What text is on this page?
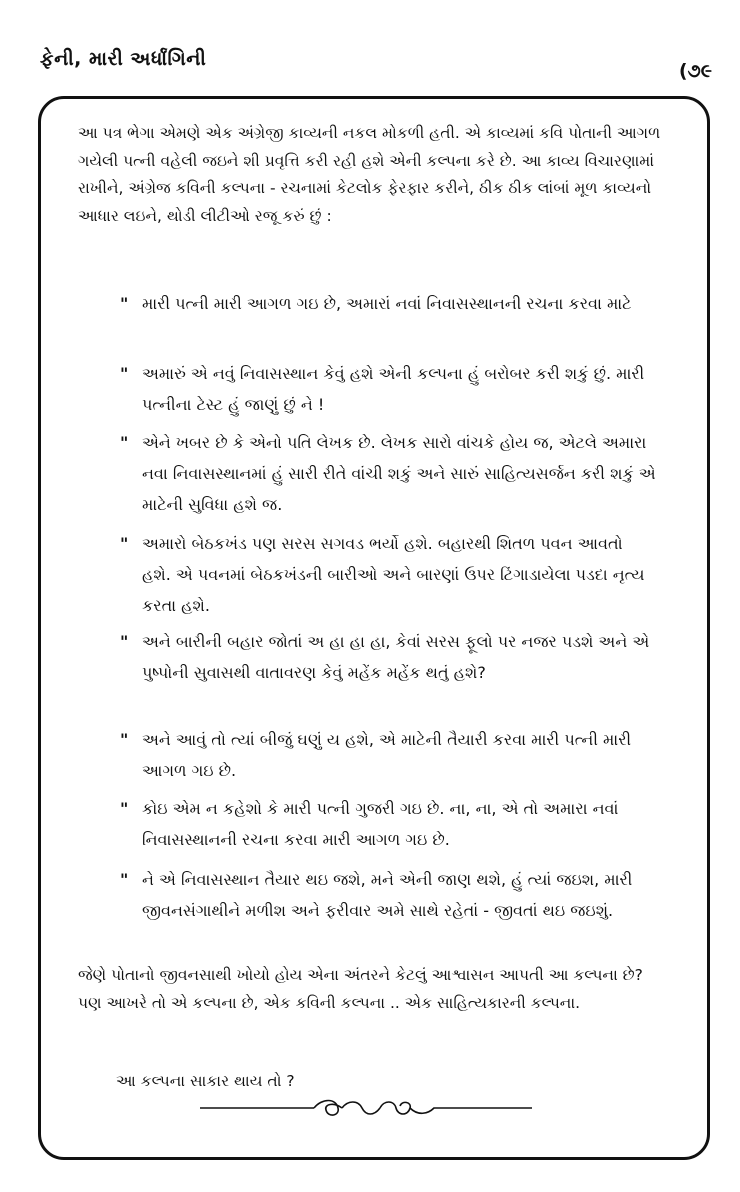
ફેની, મારી અર્ધાંગિની
(૭૯

આ પત્ર ભેગા એમણે એક અંગ્રેજી કાવ્યની નકલ મોકળી હતી. એ કાવ્યમાં કવિ પોતાની આગળ ગયેલી પત્ની વહેલી જઇને શી પ્રવૃત્તિ કરી રહી હશે એની કલ્પના કરે છે. આ કાવ્ય વિચારણામાં રાખીને, અંગ્રેજ કવિની કલ્પના - રચનામાં કેટલોક ફેરફાર કરીને, ઠીક ઠીક લાંબાં મૂળ કાવ્યનો આધાર લઇને, થોડી લીટીઓ રજૂ કરું છું :

" મારી પત્ની મારી આગળ ગઇ છે, અમારાં નવાં નિવાસસ્થાનની રચના કરવા માટે
" અમારું એ નવું નિવાસસ્થાન કેવું હશે એની કલ્પના હું બરોબર કરી શકું છું. મારી પત્નીના ટેસ્ટ હું જાણું છું ને !
" એને ખબર છે કે એનો પતિ લેખક છે. લેખક સારો વાંચકે હોય જ, એટલે અમારા નવા નિવાસસ્થાનમાં હું સારી રીતે વાંચી શકું અને સારું સાહિત્યસર્જન કરી શકું એ માટેની સુવિધા હશે જ.
" અમારો બેઠકખંડ પણ સરસ સગવડ ભર્યો હશે. બહારથી શિતળ પવન આવતો હશે. એ પવનમાં બેઠકખંડની બારીઓ અને બારણાં ઉપર ટિંગાડાયેલા પડદા નૃત્ય કરતા હશે.
" અને બારીની બહાર જોતાં અ હા હા હા, કેવાં સરસ ફૂલો પર નજર પડશે અને એ પુષ્પોની સુવાસથી વાતાવરણ કેવું મહેંક મહેંક થતું હશે?
" અને આવું તો ત્યાં બીજું ઘણું ય હશે, એ માટેની તૈયારી કરવા મારી પત્ની મારી આગળ ગઇ છે.
" કોઇ એમ ન કહેશો કે મારી પત્ની ગુજરી ગઇ છે. ના, ના, એ તો અમારા નવાં નિવાસસ્થાનની રચના કરવા મારી આગળ ગઇ છે.
" ને એ નિવાસસ્થાન તૈયાર થઇ જશે, મને એની જાણ થશે, હું ત્યાં જઇશ, મારી જીવનસંગાથીને મળીશ અને ફરીવાર અમે સાથે રહેતાં - જીવતાં થઇ જઇશું.

જેણે પોતાનો જીવનસાથી ખોયો હોય એના અંતરને કેટલું આશ્વાસન આપતી આ કલ્પના છે? પણ આખરે તો એ કલ્પના છે, એક કવિની કલ્પના .. એક સાહિત્યકારની કલ્પના.

આ કલ્પના સાકાર થાય તો ?
